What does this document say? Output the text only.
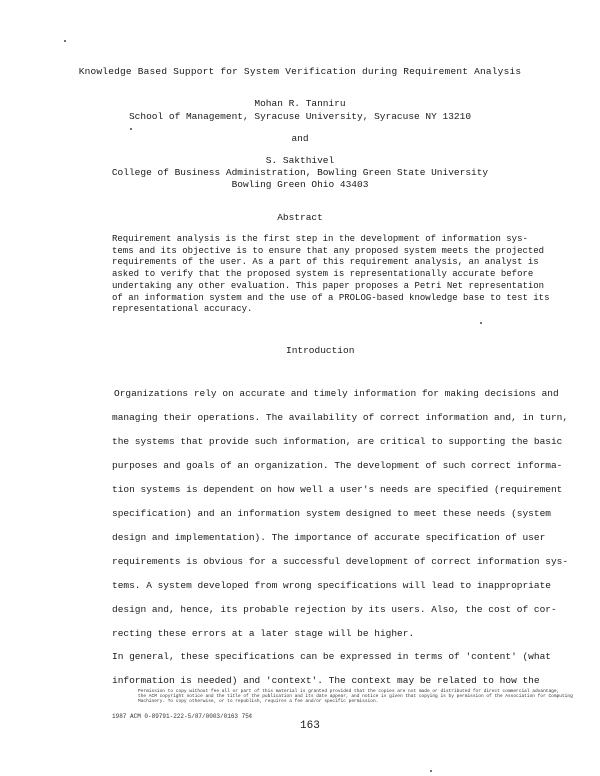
Knowledge Based Support for System Verification during Requirement Analysis

Mohan R. Tanniru

School of Management, Syracuse University, Syracuse NY 13210

and

S. Sakthivel

College of Business Administration, Bowling Green State University

Bowling Green Ohio 43403

Abstract

Requirement analysis is the first step in the development of information sys-
tems and its objective is to ensure that any proposed system meets the projected
requirements of the user. As a part of this requirement analysis, an analyst is
asked to verify that the proposed system is representationally accurate before
undertaking any other evaluation. This paper proposes a Petri Net representation
of an information system and the use of a PROLOG-based knowledge base to test its
representational accuracy.

Introduction

Organizations rely on accurate and timely information for making decisions and
managing their operations. The availability of correct information and, in turn,
the systems that provide such information, are critical to supporting the basic
purposes and goals of an organization. The development of such correct informa-
tion systems is dependent on how well a user's needs are specified (requirement
specification) and an information system designed to meet these needs (system
design and implementation). The importance of accurate specification of user
requirements is obvious for a successful development of correct information sys-
tems. A system developed from wrong specifications will lead to inappropriate
design and, hence, its probable rejection by its users. Also, the cost of cor-
recting these errors at a later stage will be higher.
In general, these specifications can be expressed in terms of 'content' (what
information is needed) and 'context'. The context may be related to how the
Permission to copy without fee all or part of this material is granted provided that the copies are not made or distributed for direct commercial advantage,
the ACM copyright notice and the title of the publication and its date appear, and notice is given that copying is by permission of the Association for Computing
Machinery. To copy otherwise, or to republish, requires a fee and/or specific permission.

1987 ACM 0-89791-222-5/87/0003/0163 75¢

163
